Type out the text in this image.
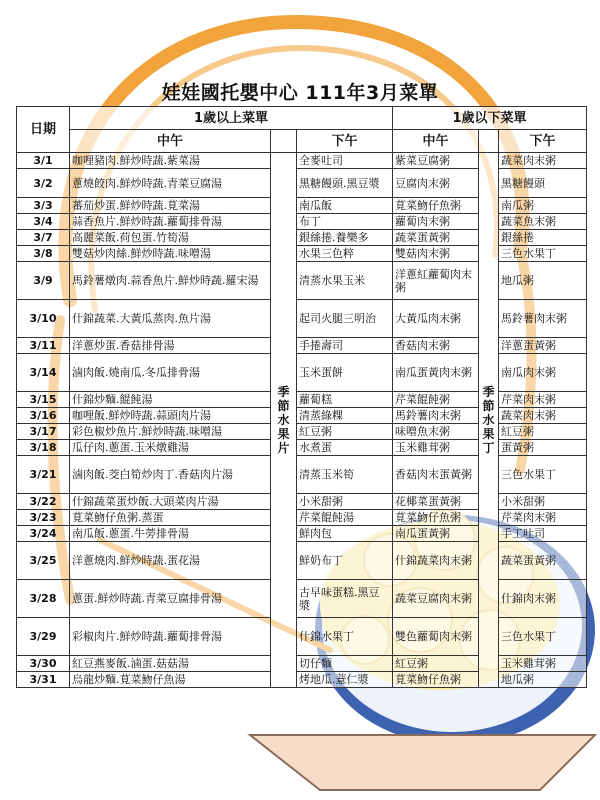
娃娃國托嬰中心 111年3月菜單
日期	1歲以上菜單			1歲以下菜單		
	中午		下午	中午		下午
3/1	咖哩豬肉.鮮炒時蔬.紫菜湯	季節水果片	全麥吐司	紫菜豆腐粥	季節水果丁	蔬菜肉末粥
3/2	蔥燒餃肉.鮮炒時蔬.青菜豆腐湯		黑糖饅頭.黑豆漿	豆腐肉末粥		黑糖饅頭
3/3	蕃茄炒蛋.鮮炒時蔬.莧菜湯		南瓜飯	莧菜魩仔魚粥		南瓜粥
3/4	蒜香魚片.鮮炒時蔬.蘿蔔排骨湯		布丁	蘿蔔肉末粥		蔬菜魚末粥
3/7	高麗菜飯.荷包蛋.竹筍湯		銀絲捲.養樂多	蔬菜蛋黃粥		銀絲捲
3/8	雙菇炒肉絲.鮮炒時蔬.味噌湯		水果三色粹	雙菇肉末粥		三色水果丁
3/9	馬鈴薯燉肉.蒜香魚片.鮮炒時蔬.羅宋湯		清蒸水果玉米	洋蔥紅蘿蔔肉末粥		地瓜粥
3/10	什錦蔬菜.大黃瓜蒸肉.魚片湯		起司火腿三明治	大黃瓜肉末粥		馬鈴薯肉末粥
3/11	洋蔥炒蛋.香菇排骨湯		手捲壽司	香菇肉末粥		洋蔥蛋黃粥
3/14	滷肉飯.燒南瓜.冬瓜排骨湯		玉米蛋餅	南瓜蛋黃肉末粥		南瓜肉末粥
3/15	什錦炒麵.餛飩湯		蘿蔔糕	芹菜餛飩粥		芹菜肉末粥
3/16	咖哩飯.鮮炒時蔬.蒜頭肉片湯		清蒸綠粿	馬鈴薯肉末粥		蔬菜肉末粥
3/17	彩色椒炒魚片.鮮炒時蔬.味噌湯		紅豆粥	味噌魚末粥		紅豆粥
3/18	瓜仔肉.蔥蛋.玉米燉雞湯		水煮蛋	玉米雞茸粥		蛋黃粥
3/21	滷肉飯.茭白筍炒肉丁.香菇肉片湯		清蒸玉米筍	香菇肉末蛋黃粥		三色水果丁
3/22	什錦蔬菜蛋炒飯.大頭菜肉片湯		小米甜粥	花椰菜蛋黃粥		小米甜粥
3/23	莧菜魩仔魚粥.蒸蛋		芹菜餛飩湯	莧菜魩仔魚粥		芹菜肉末粥
3/24	南瓜飯.蔥蛋.牛蒡排骨湯		鮮肉包	南瓜蛋黃粥		手工吐司
3/25	洋蔥燒肉.鮮炒時蔬.蛋花湯		鮮奶布丁	什錦蔬菜肉末粥		蔬菜蛋黃粥
3/28	蔥蛋.鮮炒時蔬.青菜豆腐排骨湯		古早味蛋糕.黑豆漿	蔬菜豆腐肉末粥		什錦肉末粥
3/29	彩椒肉片.鮮炒時蔬.蘿蔔排骨湯		什錦水果丁	雙色蘿蔔肉末粥		三色水果丁
3/30	紅豆燕麥飯.滷蛋.菇菇湯		切仔麵	紅豆粥		玉米雞茸粥
3/31	烏龍炒麵.莧菜魩仔魚湯		烤地瓜.薏仁漿	莧菜魩仔魚粥		地瓜粥
